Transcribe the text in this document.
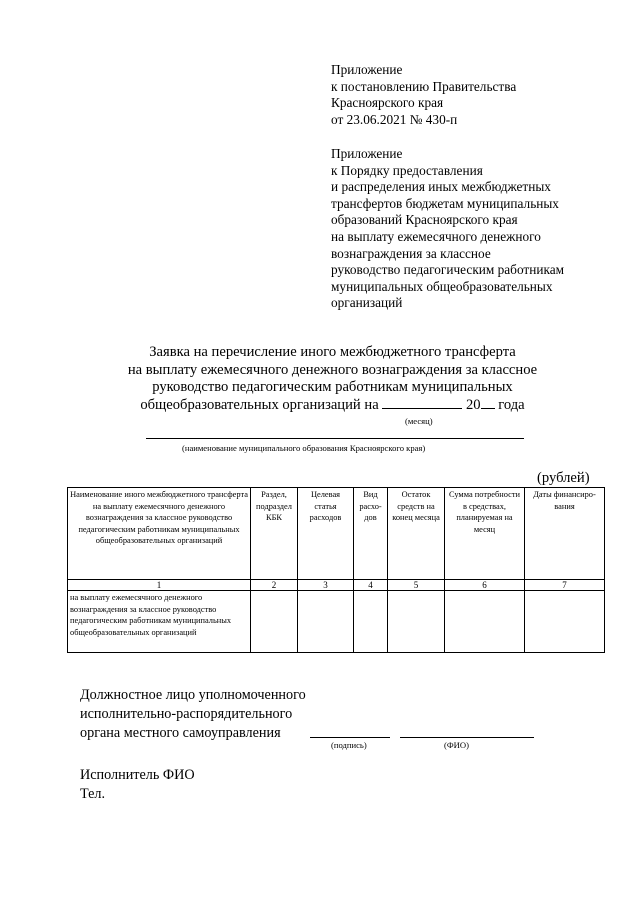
Приложение
к постановлению Правительства
Красноярского края
от 23.06.2021 № 430-п
Приложение
к Порядку предоставления
и распределения иных межбюджетных
трансфертов бюджетам муниципальных
образований Красноярского края
на выплату ежемесячного денежного
вознаграждения за классное
руководство педагогическим работникам
муниципальных общеобразовательных
организаций
Заявка на перечисление иного межбюджетного трансферта
на выплату ежемесячного денежного вознаграждения за классное
руководство педагогическим работникам муниципальных
общеобразовательных организаций на	20 года
(месяц)
(наименование муниципального образования Красноярского края)
(рублей)
Наименование иного межбюджетного трансферта на выплату ежемесячного денежного вознаграждения за классное руководство педагогическим работникам муниципальных общеобразовательных организаций	Раздел, подраздел КБК	Целевая статья расходов	Вид расхо-дов	Остаток средств на конец месяца	Сумма потребности в средствах, планируемая на месяц	Даты финансиро-вания
1	2	3	4	5	6	7
на выплату ежемесячного денежного вознаграждения за классное руководство педагогическим работникам муниципальных общеобразовательных организаций						
Должностное лицо уполномоченного
исполнительно-распорядительного
органа местного самоуправления
(подпись)	(ФИО)
Исполнитель ФИО
Тел.
